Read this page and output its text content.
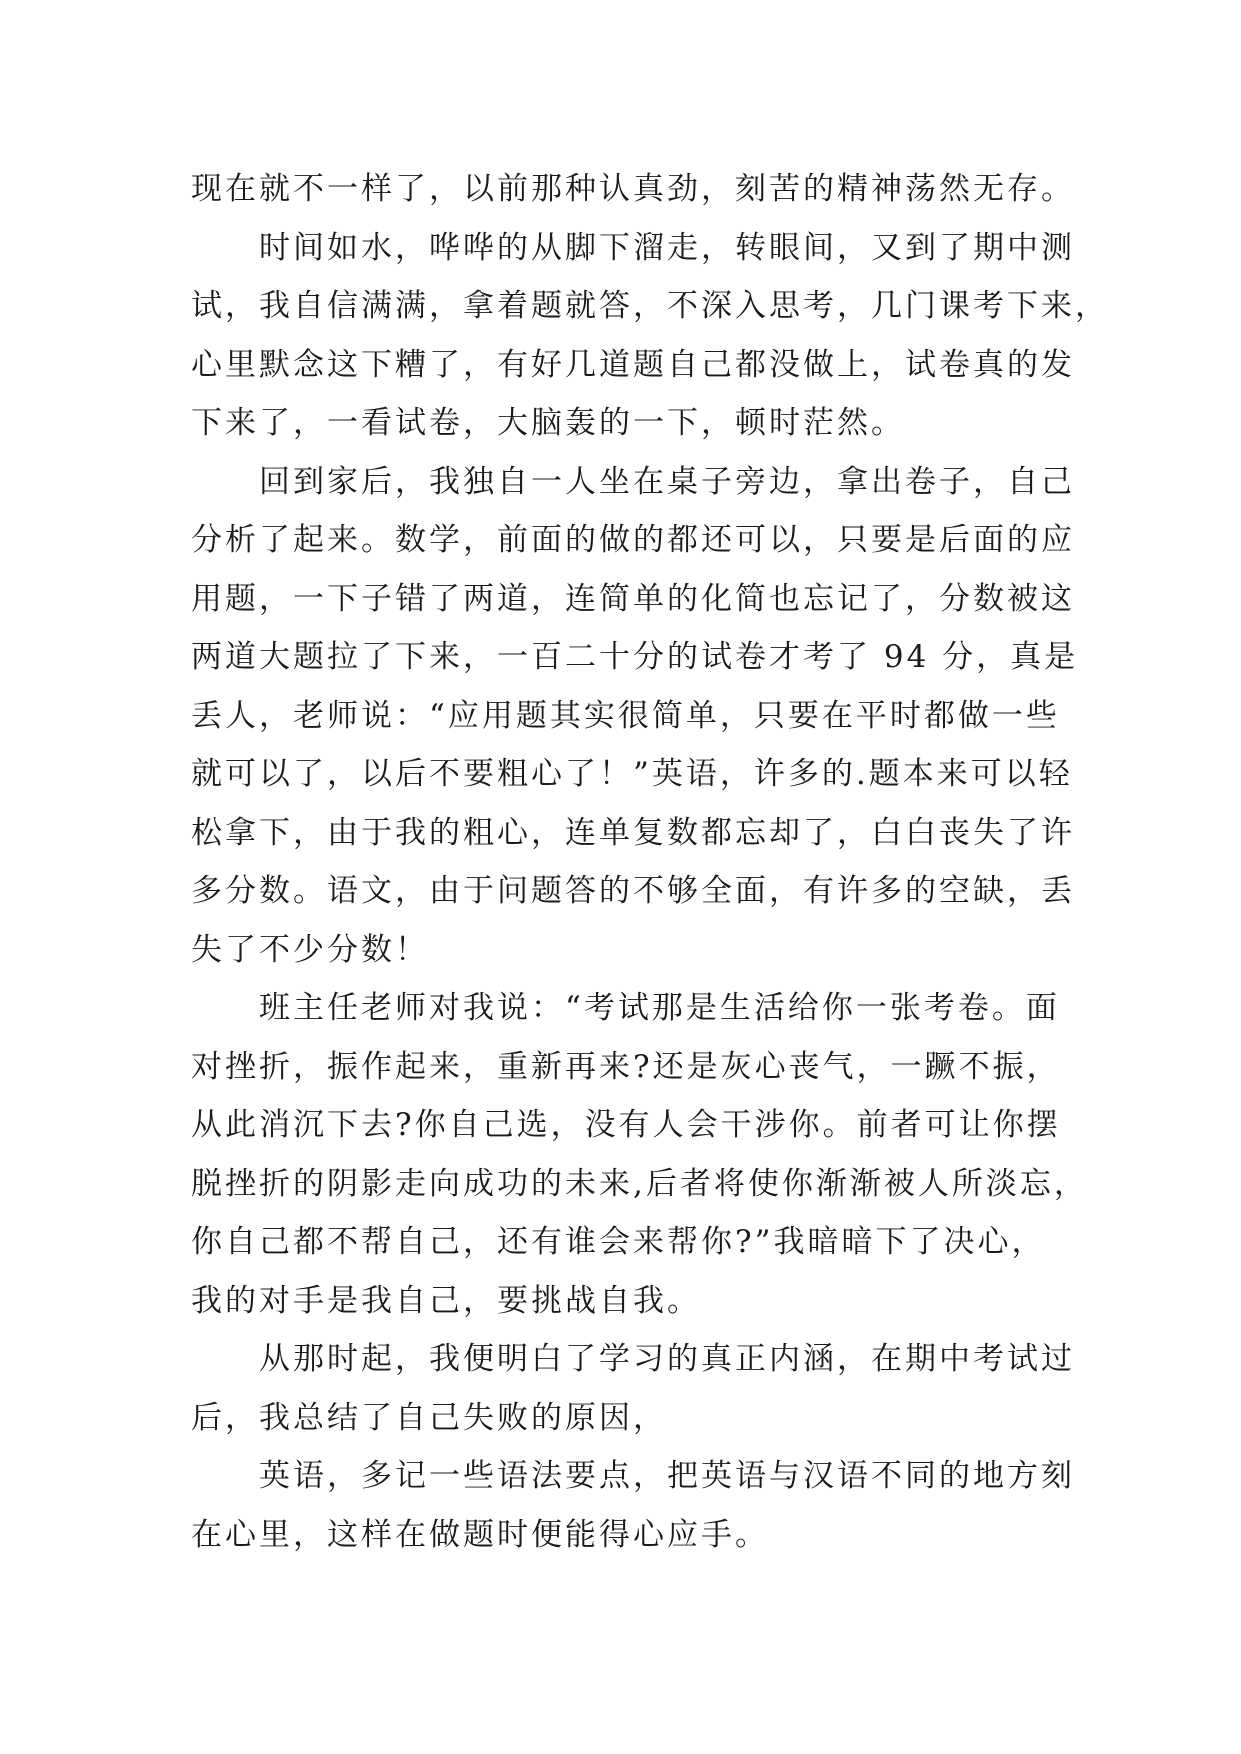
现在就不一样了，以前那种认真劲，刻苦的精神荡然无存。
时间如水，哗哗的从脚下溜走，转眼间，又到了期中测
试，我自信满满，拿着题就答，不深入思考，几门课考下来，
心里默念这下糟了，有好几道题自己都没做上，试卷真的发
下来了，一看试卷，大脑轰的一下，顿时茫然。
回到家后，我独自一人坐在桌子旁边，拿出卷子，自己
分析了起来。数学，前面的做的都还可以，只要是后面的应
用题，一下子错了两道，连简单的化简也忘记了，分数被这
两道大题拉了下来，一百二十分的试卷才考了 94 分，真是
丢人，老师说：“应用题其实很简单，只要在平时都做一些
就可以了，以后不要粗心了！”英语，许多的.题本来可以轻
松拿下，由于我的粗心，连单复数都忘却了，白白丧失了许
多分数。语文，由于问题答的不够全面，有许多的空缺，丢
失了不少分数！
班主任老师对我说：“考试那是生活给你一张考卷。面
对挫折，振作起来，重新再来?还是灰心丧气，一蹶不振，
从此消沉下去?你自己选，没有人会干涉你。前者可让你摆
脱挫折的阴影走向成功的未来,后者将使你渐渐被人所淡忘，
你自己都不帮自己，还有谁会来帮你?”我暗暗下了决心，
我的对手是我自己，要挑战自我。
从那时起，我便明白了学习的真正内涵，在期中考试过
后，我总结了自己失败的原因，
英语，多记一些语法要点，把英语与汉语不同的地方刻
在心里，这样在做题时便能得心应手。
